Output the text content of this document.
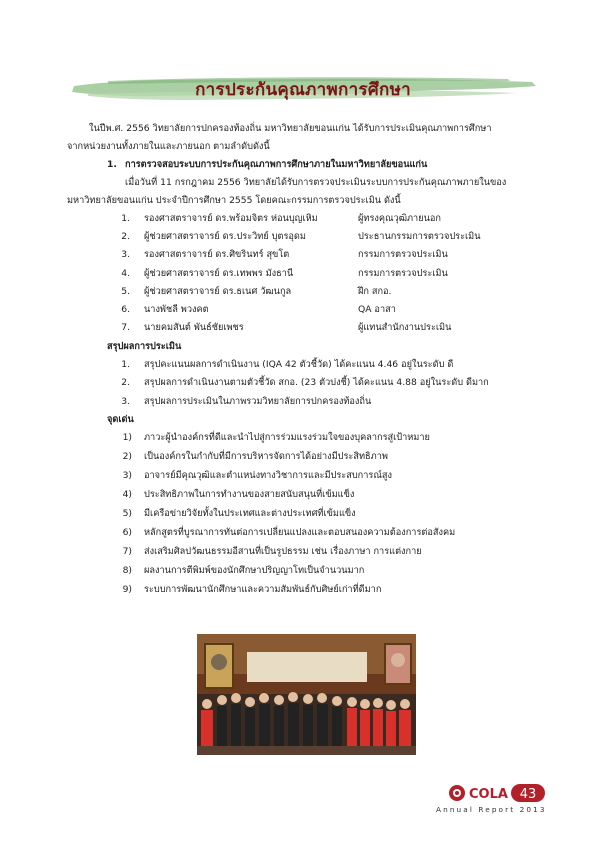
การประกันคุณภาพการศึกษา
ในปีพ.ศ. 2556 วิทยาลัยการปกครองท้องถิ่น มหาวิทยาลัยขอนแก่น ได้รับการประเมินคุณภาพการศึกษา
จากหน่วยงานทั้งภายในและภายนอก ตามลำดับดังนี้
1. การตรวจสอบระบบการประกันคุณภาพการศึกษาภายในมหาวิทยาลัยขอนแก่น
เมื่อวันที่ 11 กรกฎาคม 2556 วิทยาลัยได้รับการตรวจประเมินระบบการประกันคุณภาพภายในของ
มหาวิทยาลัยขอนแก่น ประจำปีการศึกษา 2555 โดยคณะกรรมการตรวจประเมิน ดังนี้
1. รองศาสตราจารย์ ดร.พร้อมจิตร ห่อนบุญเหิม	ผู้ทรงคุณวุฒิภายนอก
2. ผู้ช่วยศาสตราจารย์ ดร.ประวิทย์ บุตรอุดม	ประธานกรรมการตรวจประเมิน
3. รองศาสตราจารย์ ดร.ศิขรินทร์ สุขโต	กรรมการตรวจประเมิน
4. ผู้ช่วยศาสตราจารย์ ดร.เทพพร มังธานี	กรรมการตรวจประเมิน
5. ผู้ช่วยศาสตราจารย์ ดร.ธเนศ วัฒนกูล	ฝึก สกอ.
6. นางพัชลี พวงคต	QA อาสา
7. นายคมสันต์ พันธ์ชัยเพชร	ผู้แทนสำนักงานประเมิน
สรุปผลการประเมิน
1. สรุปคะแนนผลการดำเนินงาน (IQA 42 ตัวชี้วัด) ได้คะแนน 4.46 อยู่ในระดับ ดี
2. สรุปผลการดำเนินงานตามตัวชี้วัด สกอ. (23 ตัวบ่งชี้) ได้คะแนน 4.88 อยู่ในระดับ ดีมาก
3. สรุปผลการประเมินในภาพรวมวิทยาลัยการปกครองท้องถิ่น
จุดเด่น
1) ภาวะผู้นำองค์กรที่ดีและนำไปสู่การร่วมแรงร่วมใจของบุคลากรสู่เป้าหมาย
2) เป็นองค์กรในกำกับที่มีการบริหารจัดการได้อย่างมีประสิทธิภาพ
3) อาจารย์มีคุณวุฒิและตำแหน่งทางวิชาการและมีประสบการณ์สูง
4) ประสิทธิภาพในการทำงานของสายสนับสนุนที่เข้มแข็ง
5) มีเครือข่ายวิจัยทั้งในประเทศและต่างประเทศที่เข้มแข็ง
6) หลักสูตรที่บูรณาการทันต่อการเปลี่ยนแปลงและตอบสนองความต้องการต่อสังคม
7) ส่งเสริมศิลปวัฒนธรรมอีสานที่เป็นรูปธรรม เช่น เรื่องภาษา การแต่งกาย
8) ผลงานการตีพิมพ์ของนักศึกษาปริญญาโทเป็นจำนวนมาก
9) ระบบการพัฒนานักศึกษาและความสัมพันธ์กับศิษย์เก่าที่ดีมาก
COLA 43
Annual Report 2013
